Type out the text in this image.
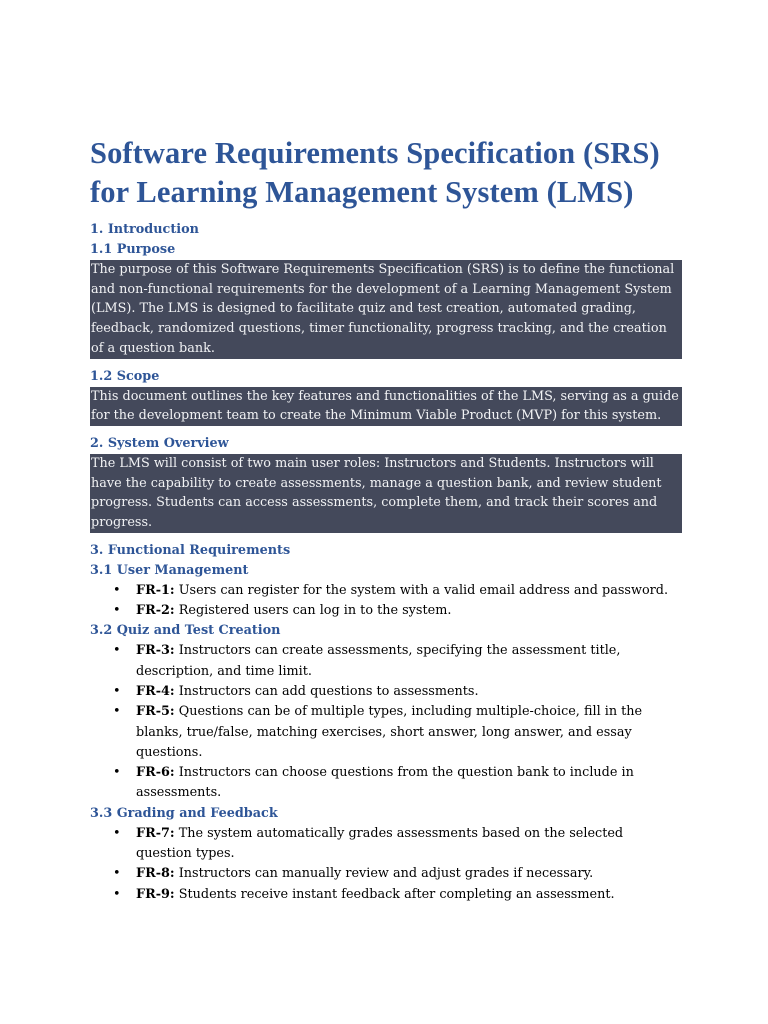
Software Requirements Specification (SRS) for Learning Management System (LMS)
1. Introduction
1.1 Purpose

The purpose of this Software Requirements Specification (SRS) is to define the functional and non-functional requirements for the development of a Learning Management System (LMS). The LMS is designed to facilitate quiz and test creation, automated grading, feedback, randomized questions, timer functionality, progress tracking, and the creation of a question bank.

1.2 Scope

This document outlines the key features and functionalities of the LMS, serving as a guide for the development team to create the Minimum Viable Product (MVP) for this system.

2. System Overview

The LMS will consist of two main user roles: Instructors and Students. Instructors will have the capability to create assessments, manage a question bank, and review student progress. Students can access assessments, complete them, and track their scores and progress.

3. Functional Requirements
3.1 User Management
• FR-1: Users can register for the system with a valid email address and password.
• FR-2: Registered users can log in to the system.
3.2 Quiz and Test Creation
• FR-3: Instructors can create assessments, specifying the assessment title, description, and time limit.
• FR-4: Instructors can add questions to assessments.
• FR-5: Questions can be of multiple types, including multiple-choice, fill in the blanks, true/false, matching exercises, short answer, long answer, and essay questions.
• FR-6: Instructors can choose questions from the question bank to include in assessments.
3.3 Grading and Feedback
• FR-7: The system automatically grades assessments based on the selected question types.
• FR-8: Instructors can manually review and adjust grades if necessary.
• FR-9: Students receive instant feedback after completing an assessment.
